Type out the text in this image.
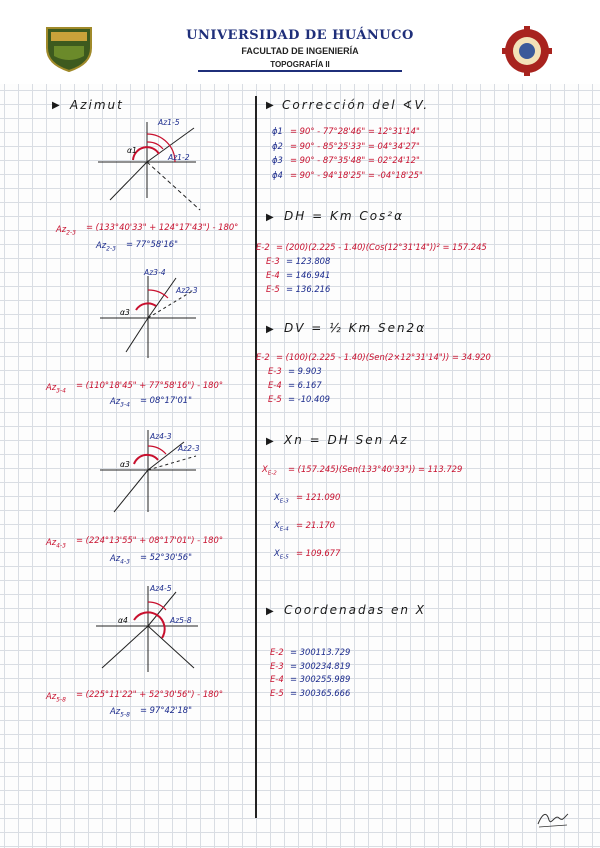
UNIVERSIDAD DE HUÁNUCO
FACULTAD DE INGENIERÍA
TOPOGRAFÍA II
▶ Azimut
Az1-5
α1
Az1-2
$Az_{2-3}$
= (133°40'33" + 124°17'43") - 180°
$Az_{2-3}$
= 77°58'16"
Az3-4
α3
Az2-3
$Az_{3-4}$
= (110°18'45" + 77°58'16") - 180°
$Az_{3-4}$
= 08°17'01"
Az4-3
α3
Az2-3
$Az_{4-3}$
= (224°13'55" + 08°17'01") - 180°
$Az_{4-3}$
= 52°30'56"
Az4-5
α4	Az5-8
$Az_{5-8}$
= (225°11'22" + 52°30'56") - 180°
$Az_{5-8}$
= 97°42'18"
▶ Corrección del ∢V.
ϕ1 = 90° - 77°28'46" = 12°31'14"
ϕ2 = 90° - 85°25'33" = 04°34'27"
ϕ3 = 90° - 87°35'48" = 02°24'12"
ϕ4 = 90° - 94°18'25" = -04°18'25"
▶ DH = Km Cos²α
E-2 = (200)(2.225 - 1.40)(Cos(12°31'14"))² = 157.245
E-3 = 123.808
E-4 = 146.941
E-5 = 136.216
▶ DV = ½ Km Sen2α
E-2 = (100)(2.225 - 1.40)(Sen(2×12°31'14")) = 34.920
E-3 = 9.903
E-4 = 6.167
E-5 = -10.409
▶ Xn = DH Sen Az
$X_{E-2}$ = (157.245)(Sen(133°40'33")) = 113.729
$X_{E-3} = 121.090$
$X_{E-4} = 21.170$
$X_{E-5} = 109.677$
▶ Coordenadas en X
E-2 = 300113.729
E-3 = 300234.819
E-4 = 300255.989
E-5 = 300365.666
